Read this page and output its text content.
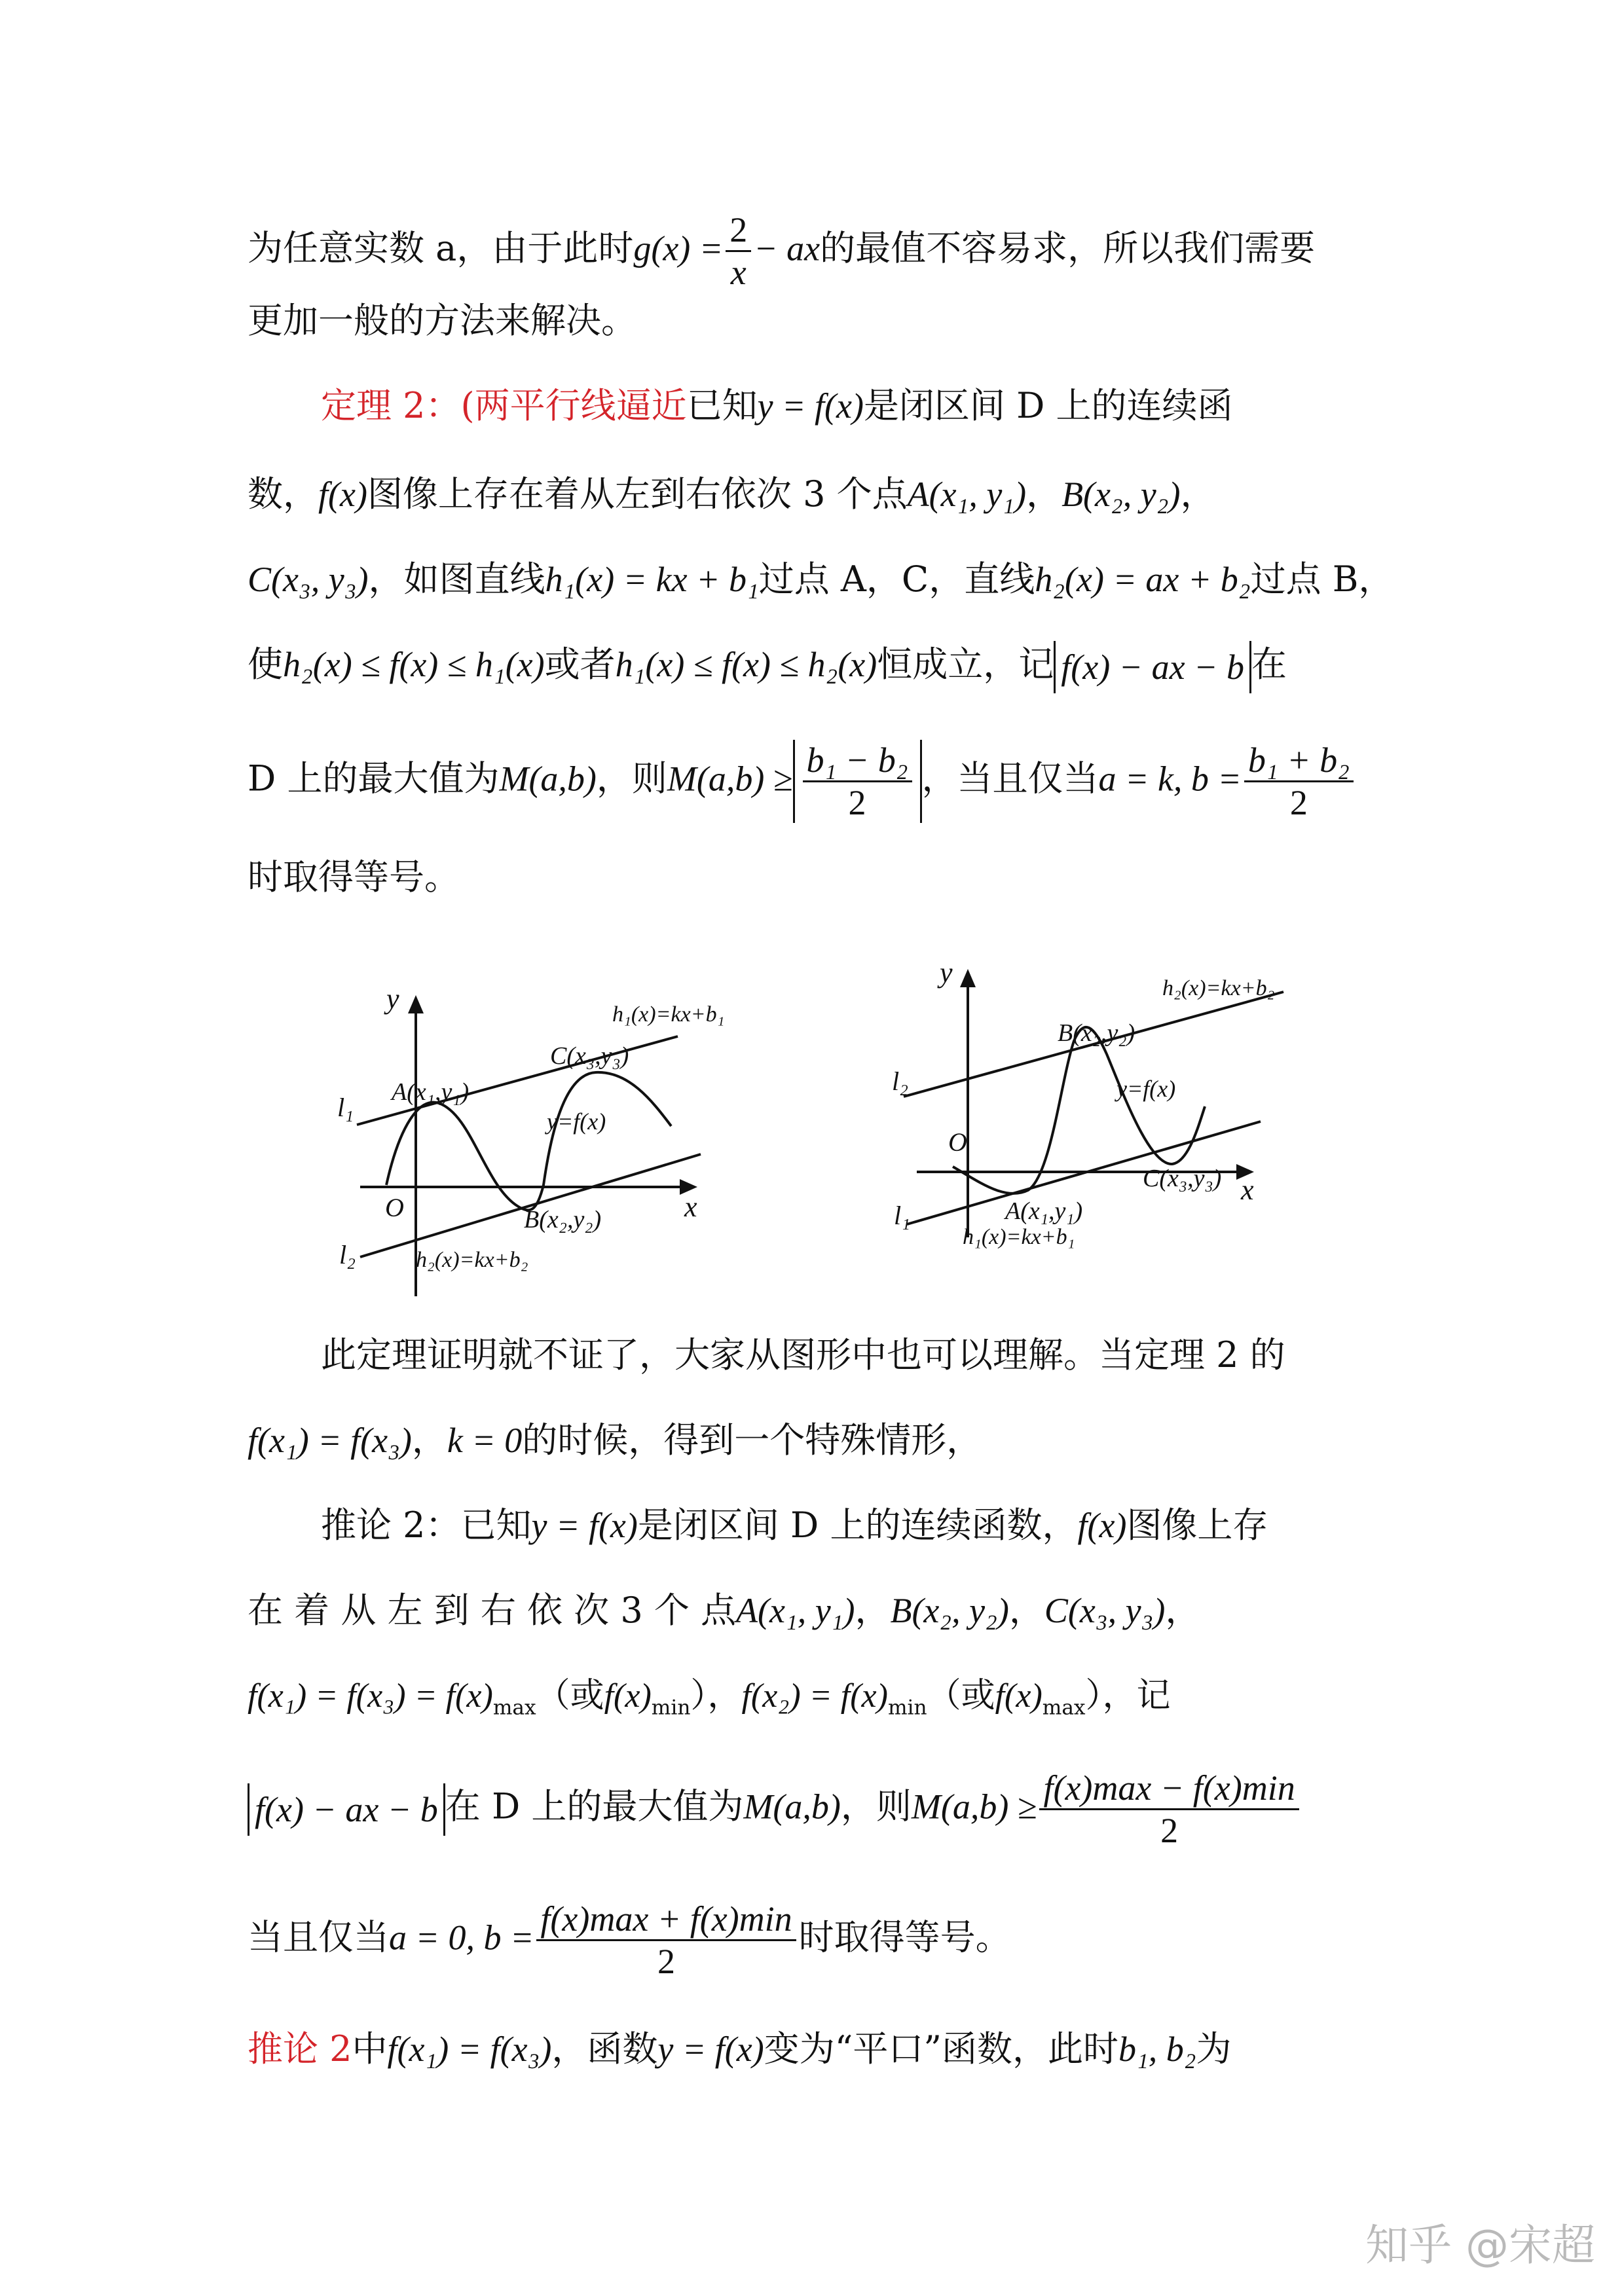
为任意实数 a，由于此时$g(x) = \frac{2}{x}$ − ax的最值不容易求，所以我们需要
更加一般的方法来解决。
定理 2：(两平行线逼近已知y = f(x)是闭区间 D 上的连续函
数，f(x)图像上存在着从左到右依次 3 个点A(x₁, y₁)，B(x₂, y₂)，
C(x₃, y₃)，如图直线h₁(x) = kx + b₁过点 A，C，直线h₂(x) = ax + b₂过点 B，
使h₂(x) ≤ f(x) ≤ h₁(x)或者h₁(x) ≤ f(x) ≤ h₂(x)恒成立，记 f(x) − ax − b 在
D 上的最大值为M(a,b)，则$M(a,b) \ge \frac{\text{b₁ − b₂}}{2}$ ，当且仅当a = k, $b = \frac{\text{b₁ + b₂}}{2}$
时取得等号。
y
O	x
l₁
l₂
A(x₁,y₁)
B(x₂,y₂)
C(x₃,y₃)
y=f(x)
h₁(x)=kx+b₁
h₂(x)=kx+b₂
y
O
x
l₂
l₁	A(x₁,y₁)
B(x₂,y₂)
C(x₃,y₃)
y=f(x)
h₁(x)=kx+b₁
h₂(x)=kx+b₂
此定理证明就不证了，大家从图形中也可以理解。当定理 2 的
f(x₁) = f(x₃)，k = 0的时候，得到一个特殊情形，
推论 2：已知y = f(x)是闭区间 D 上的连续函数，f(x)图像上存
在 着 从 左 到 右 依 次 3 个 点A(x₁, y₁)，B(x₂, y₂)，C(x₃, y₃)，
$f(x_1) = f(x_3) = f(x)_{max}$（或$f(x)_{min}$），$f(x_2) = f(x)_{min}$（或$f(x)_{max}$），记
f(x) − ax − b 在 D 上的最大值为M(a,b)，则$M(a,b) \ge \frac{f(x)\max - f(x)\min}{2}$
当且仅当a = 0, $b = \frac{f(x)\max + f(x)\min}{2}$ 时取得等号。
推论 2中f(x₁) = f(x₃)，函数y = f(x)变为“平口”函数，此时b₁, b₂为
知乎 @宋超
